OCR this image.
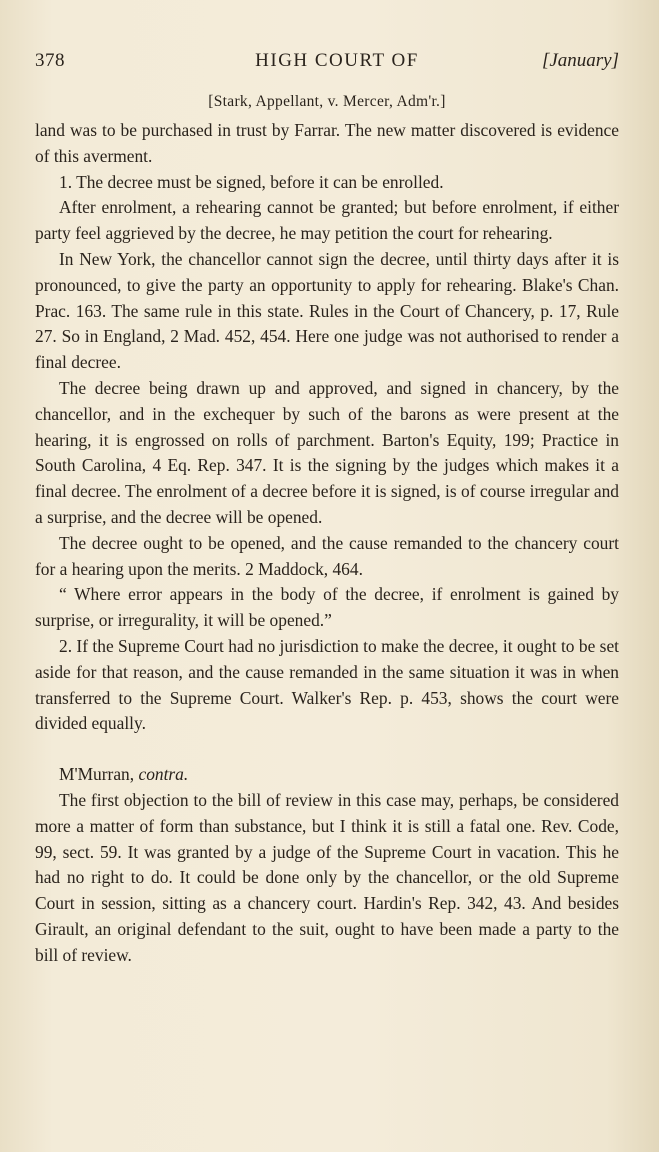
378	HIGH COURT OF	[January]
[Stark, Appellant, v. Mercer, Adm'r.]

land was to be purchased in trust by Farrar. The new matter discovered is evidence of this averment.

1. The decree must be signed, before it can be enrolled.

After enrolment, a rehearing cannot be granted; but before enrolment, if either party feel aggrieved by the decree, he may petition the court for rehearing.

In New York, the chancellor cannot sign the decree, until thirty days after it is pronounced, to give the party an opportunity to apply for rehearing. Blake's Chan. Prac. 163. The same rule in this state. Rules in the Court of Chancery, p. 17, Rule 27. So in England, 2 Mad. 452, 454. Here one judge was not authorised to render a final decree.

The decree being drawn up and approved, and signed in chancery, by the chancellor, and in the exchequer by such of the barons as were present at the hearing, it is engrossed on rolls of parchment. Barton's Equity, 199; Practice in South Carolina, 4 Eq. Rep. 347. It is the signing by the judges which makes it a final decree. The enrolment of a decree before it is signed, is of course irregular and a surprise, and the decree will be opened.

The decree ought to be opened, and the cause remanded to the chancery court for a hearing upon the merits. 2 Maddock, 464.

“ Where error appears in the body of the decree, if enrolment is gained by surprise, or irregurality, it will be opened.”

2. If the Supreme Court had no jurisdiction to make the decree, it ought to be set aside for that reason, and the cause remanded in the same situation it was in when transferred to the Supreme Court. Walker's Rep. p. 453, shows the court were divided equally.

M'Murran, contra.

The first objection to the bill of review in this case may, perhaps, be considered more a matter of form than substance, but I think it is still a fatal one. Rev. Code, 99, sect. 59. It was granted by a judge of the Supreme Court in vacation. This he had no right to do. It could be done only by the chancellor, or the old Supreme Court in session, sitting as a chancery court. Hardin's Rep. 342, 43. And besides Girault, an original defendant to the suit, ought to have been made a party to the bill of review.
